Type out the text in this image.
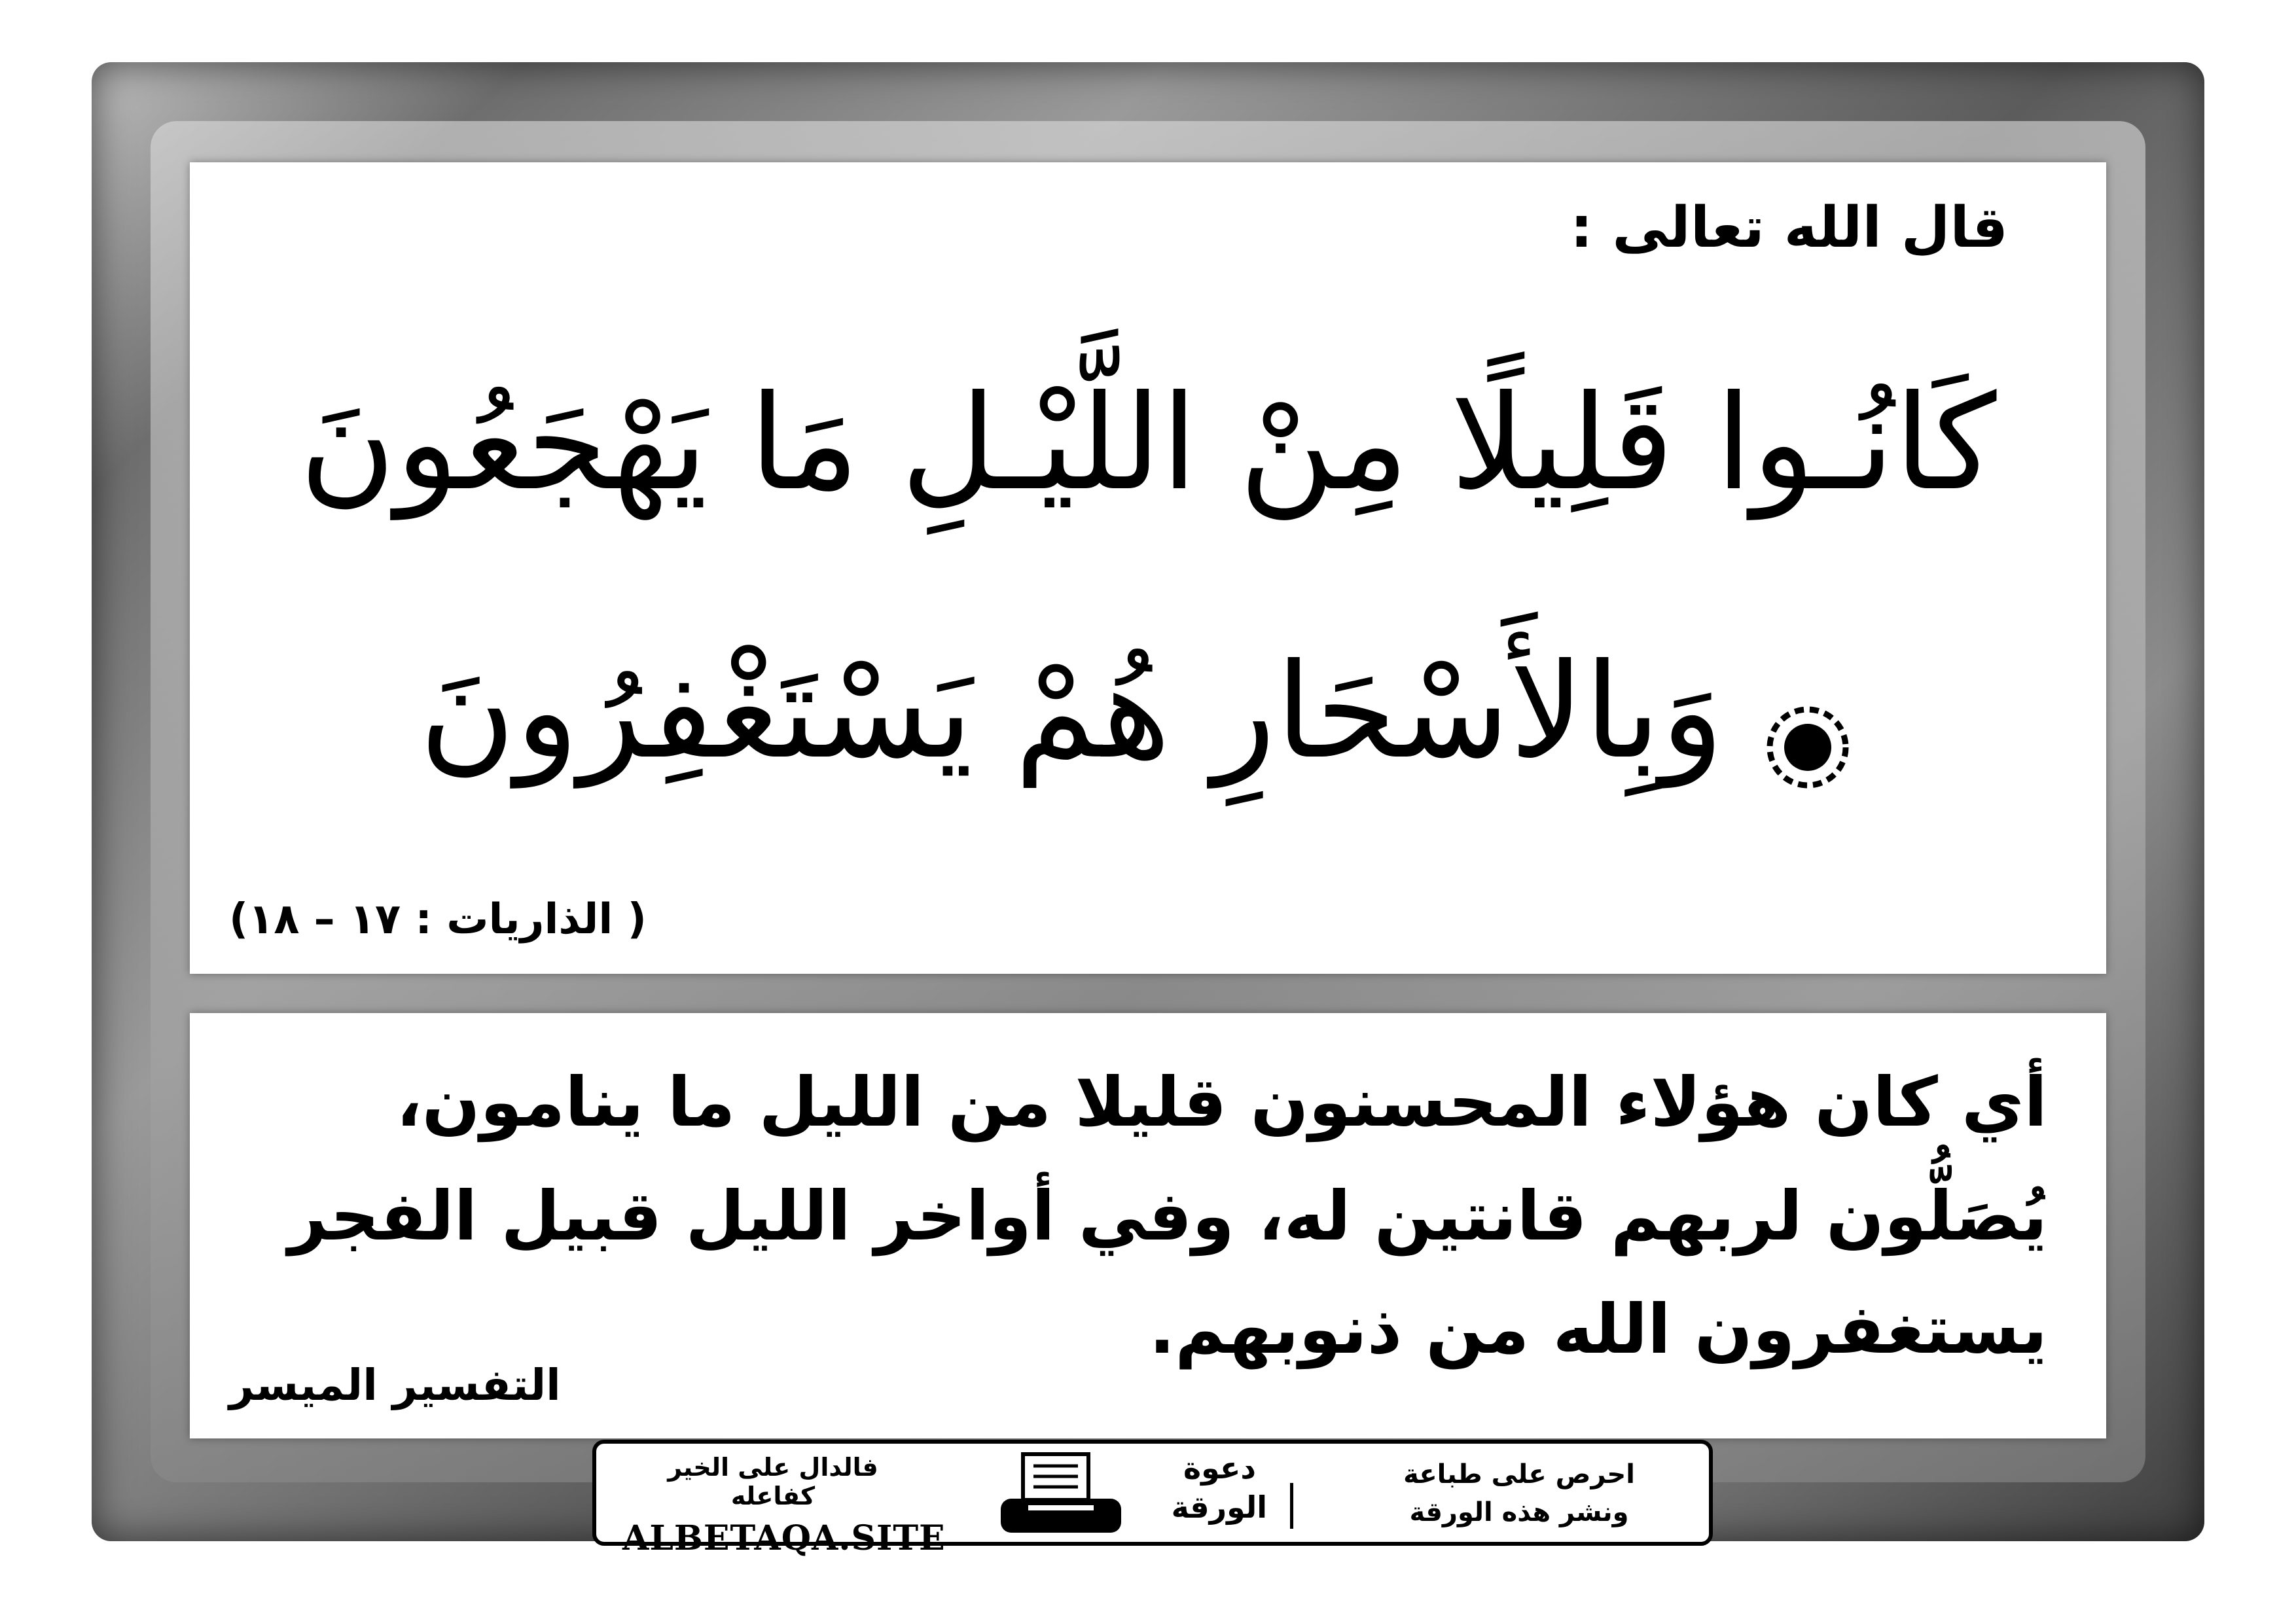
قال الله تعالى :
كَانُـوا قَلِيلًا مِنْ اللَّيْـلِ مَا يَهْجَعُونَ
وَبِالأَسْحَارِ هُمْ يَسْتَغْفِرُونَ
( الذاريات : ١٧ – ١٨)
أي كان هؤلاء المحسنون قليلا من الليل ما ينامون،
يُصَلُّون لربهم قانتين له، وفي أواخر الليل قبيل الفجر
يستغفرون الله من ذنوبهم.
التفسير الميسر
فالدال على الخير كفاعله
ALBETAQA.SITE
دعوة
الورقة
احرص على طباعة
ونشر هذه الورقة
